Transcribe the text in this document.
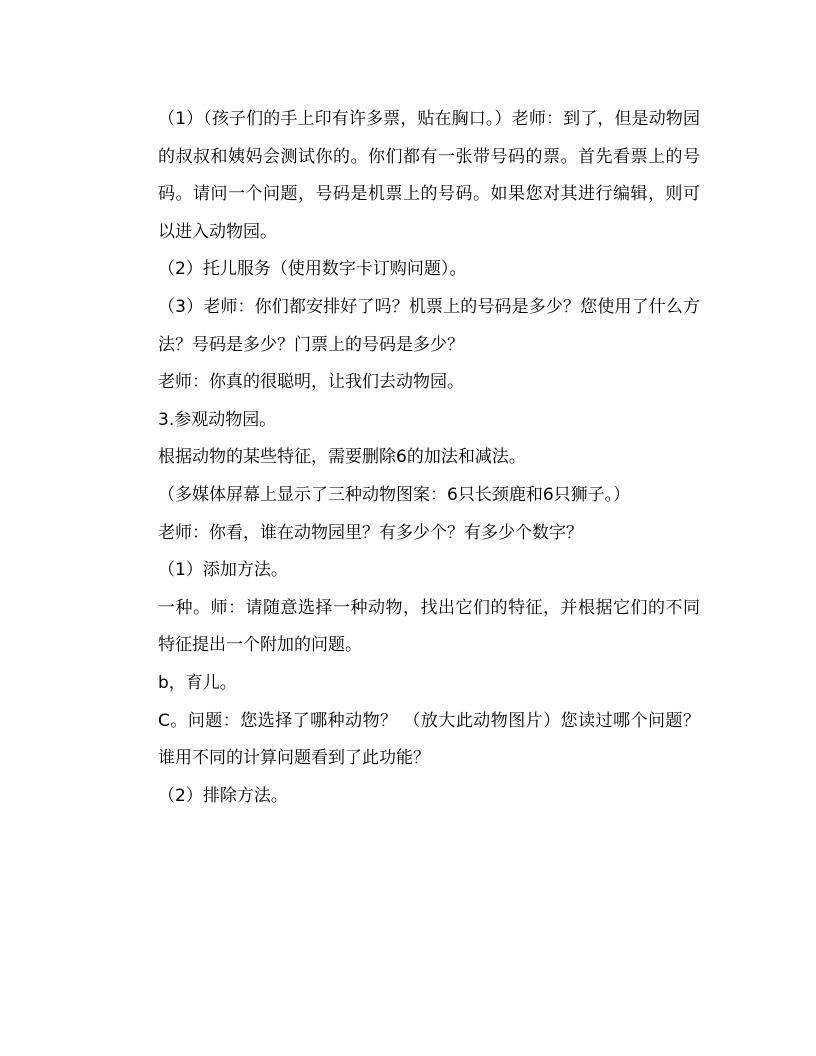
（1）（孩子们的手上印有许多票，贴在胸口。）老师：到了，但是动物园的叔叔和姨妈会测试你的。你们都有一张带号码的票。首先看票上的号码。请问一个问题，号码是机票上的号码。如果您对其进行编辑，则可以进入动物园。

（2）托儿服务（使用数字卡订购问题）。

（3）老师：你们都安排好了吗？机票上的号码是多少？您使用了什么方法？号码是多少？门票上的号码是多少？

老师：你真的很聪明，让我们去动物园。

3.参观动物园。

根据动物的某些特征，需要删除6的加法和减法。

（多媒体屏幕上显示了三种动物图案：6只长颈鹿和6只狮子。）

老师：你看，谁在动物园里？有多少个？有多少个数字？

（1）添加方法。

一种。师：请随意选择一种动物，找出它们的特征，并根据它们的不同特征提出一个附加的问题。

b，育儿。

C。问题：您选择了哪种动物？ （放大此动物图片）您读过哪个问题？谁用不同的计算问题看到了此功能？

（2）排除方法。
